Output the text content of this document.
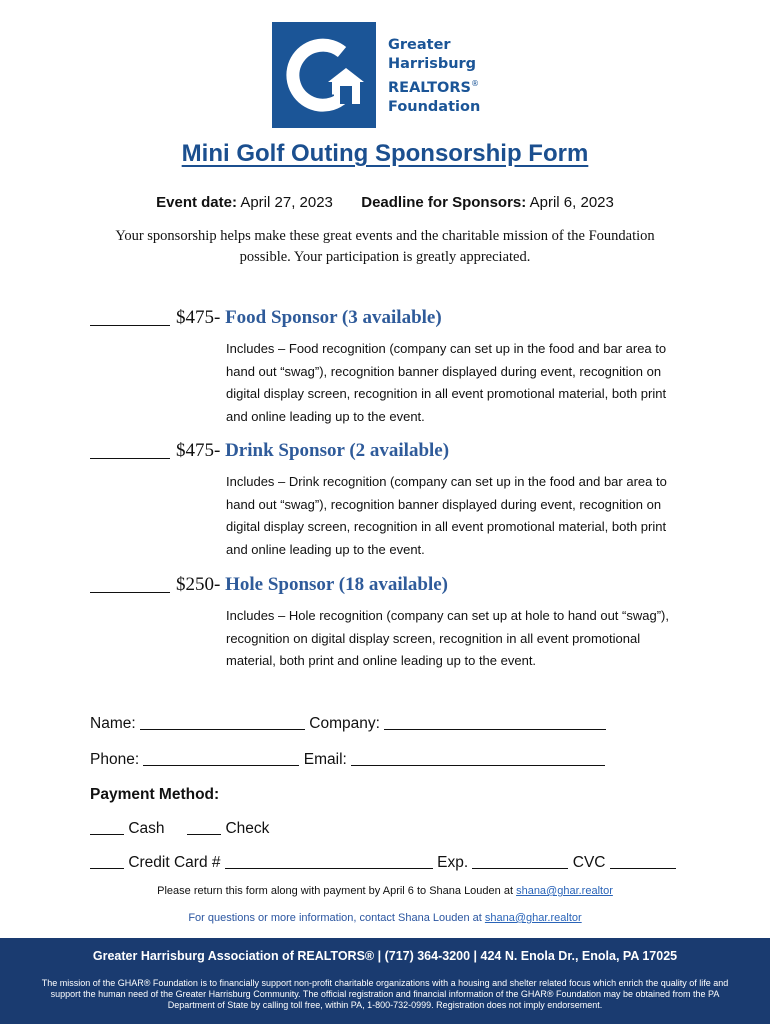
Greater
Harrisburg
REALTORS®
Foundation
Mini Golf Outing Sponsorship Form
Event date: April 27, 2023 Deadline for Sponsors: April 6, 2023
Your sponsorship helps make these great events and the charitable mission of the Foundation possible. Your participation is greatly appreciated.
$475- Food Sponsor (3 available)
Includes – Food recognition (company can set up in the food and bar area to hand out “swag”), recognition banner displayed during event, recognition on digital display screen, recognition in all event promotional material, both print and online leading up to the event.
$475- Drink Sponsor (2 available)
Includes – Drink recognition (company can set up in the food and bar area to hand out “swag”), recognition banner displayed during event, recognition on digital display screen, recognition in all event promotional material, both print and online leading up to the event.
$250- Hole Sponsor (18 available)
Includes – Hole recognition (company can set up at hole to hand out “swag”), recognition on digital display screen, recognition in all event promotional material, both print and online leading up to the event.
Name:	Company:
Phone:	Email:
Payment Method:
Cash	Check
Credit Card #	Exp.	CVC
Please return this form along with payment by April 6 to Shana Louden at shana@ghar.realtor
For questions or more information, contact Shana Louden at shana@ghar.realtor
Greater Harrisburg Association of REALTORS® | (717) 364-3200 | 424 N. Enola Dr., Enola, PA 17025
The mission of the GHAR® Foundation is to financially support non-profit charitable organizations with a housing and shelter related focus which enrich the quality of life and support the human need of the Greater Harrisburg Community. The official registration and financial information of the GHAR® Foundation may be obtained from the PA Department of State by calling toll free, within PA, 1-800-732-0999. Registration does not imply endorsement.
